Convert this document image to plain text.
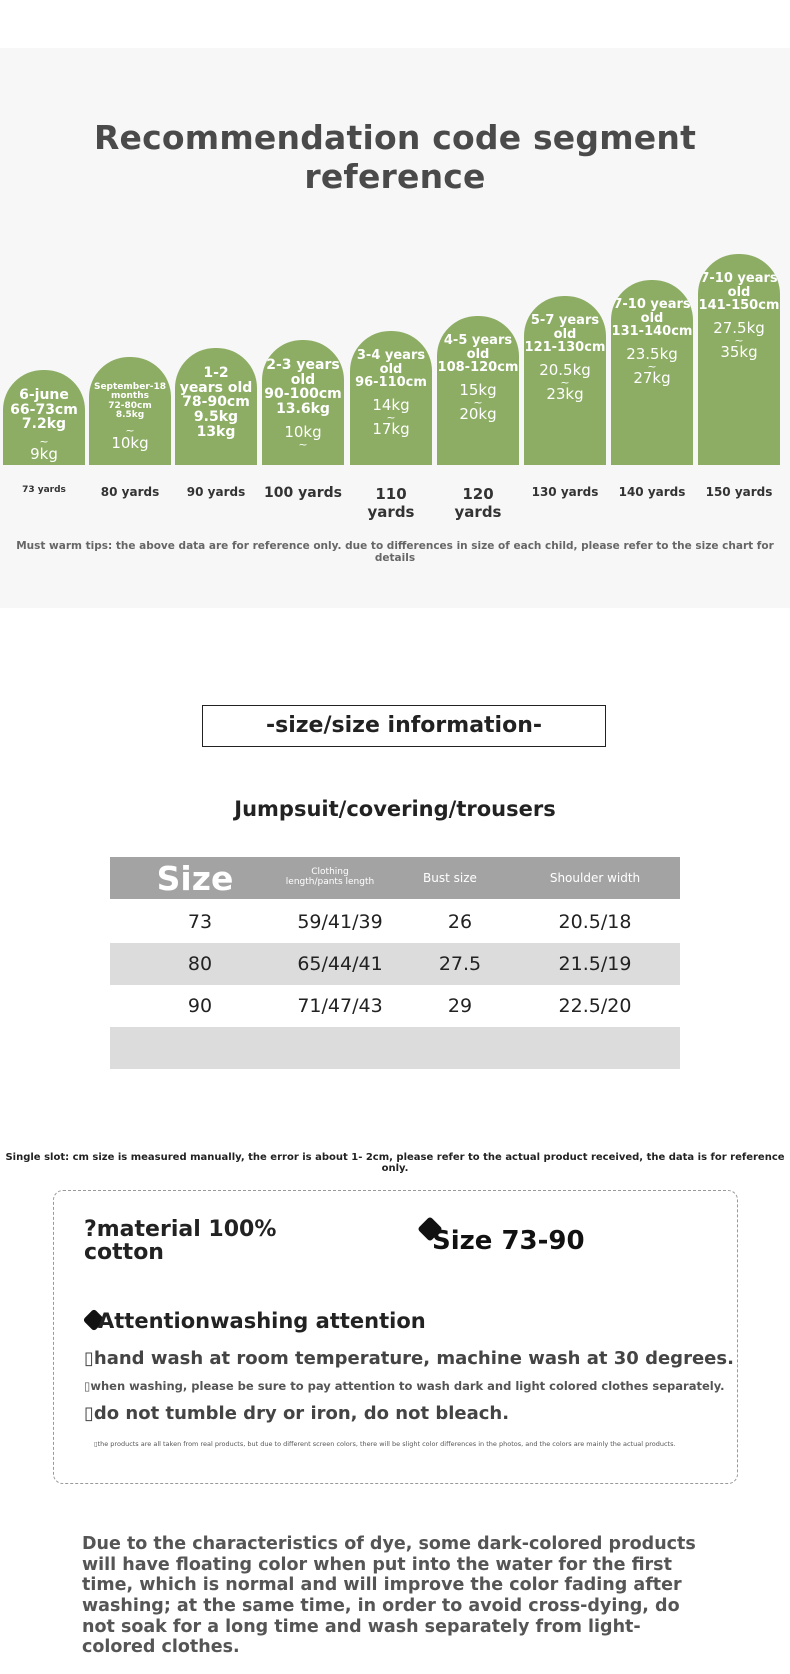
Recommendation code segment reference
6-june
66-73cm
7.2kg
~
9kg
73 yards
September-18
months
72-80cm
8.5kg
~
10kg
80 yards
1-2
years old
78-90cm
9.5kg
13kg
90 yards
2-3 years
old
90-100cm
13.6kg
10kg
~
100 yards
3-4 years
old
96-110cm
14kg
~
17kg
110 yards
4-5 years
old
108-120cm
15kg
~
20kg
120 yards
5-7 years
old
121-130cm
20.5kg
~
23kg
130 yards
7-10 years
old
131-140cm
23.5kg
~
27kg
140 yards
7-10 years
old
141-150cm
27.5kg
~
35kg
150 yards
Must warm tips: the above data are for reference only. due to differences in size of each child, please refer to the size chart for details
-size/size information-
Jumpsuit/covering/trousers
Size	Clothing
length/pants length	Bust size	Shoulder width
73	59/41/39	26	20.5/18
80	65/44/41	27.5	21.5/19
90	71/47/43	29	22.5/20
Single slot: cm size is measured manually, the error is about 1- 2cm, please refer to the actual product received, the data is for reference only.
?material 100% cotton	Size 73-90
Attentionwashing attention
▯hand wash at room temperature, machine wash at 30 degrees.
▯when washing, please be sure to pay attention to wash dark and light colored clothes separately.
▯do not tumble dry or iron, do not bleach.
▯the products are all taken from real products, but due to different screen colors, there will be slight color differences in the photos, and the colors are mainly the actual products.
Due to the characteristics of dye, some dark-colored products will have floating color when put into the water for the first time, which is normal and will improve the color fading after washing; at the same time, in order to avoid cross-dying, do not soak for a long time and wash separately from light-colored clothes.
